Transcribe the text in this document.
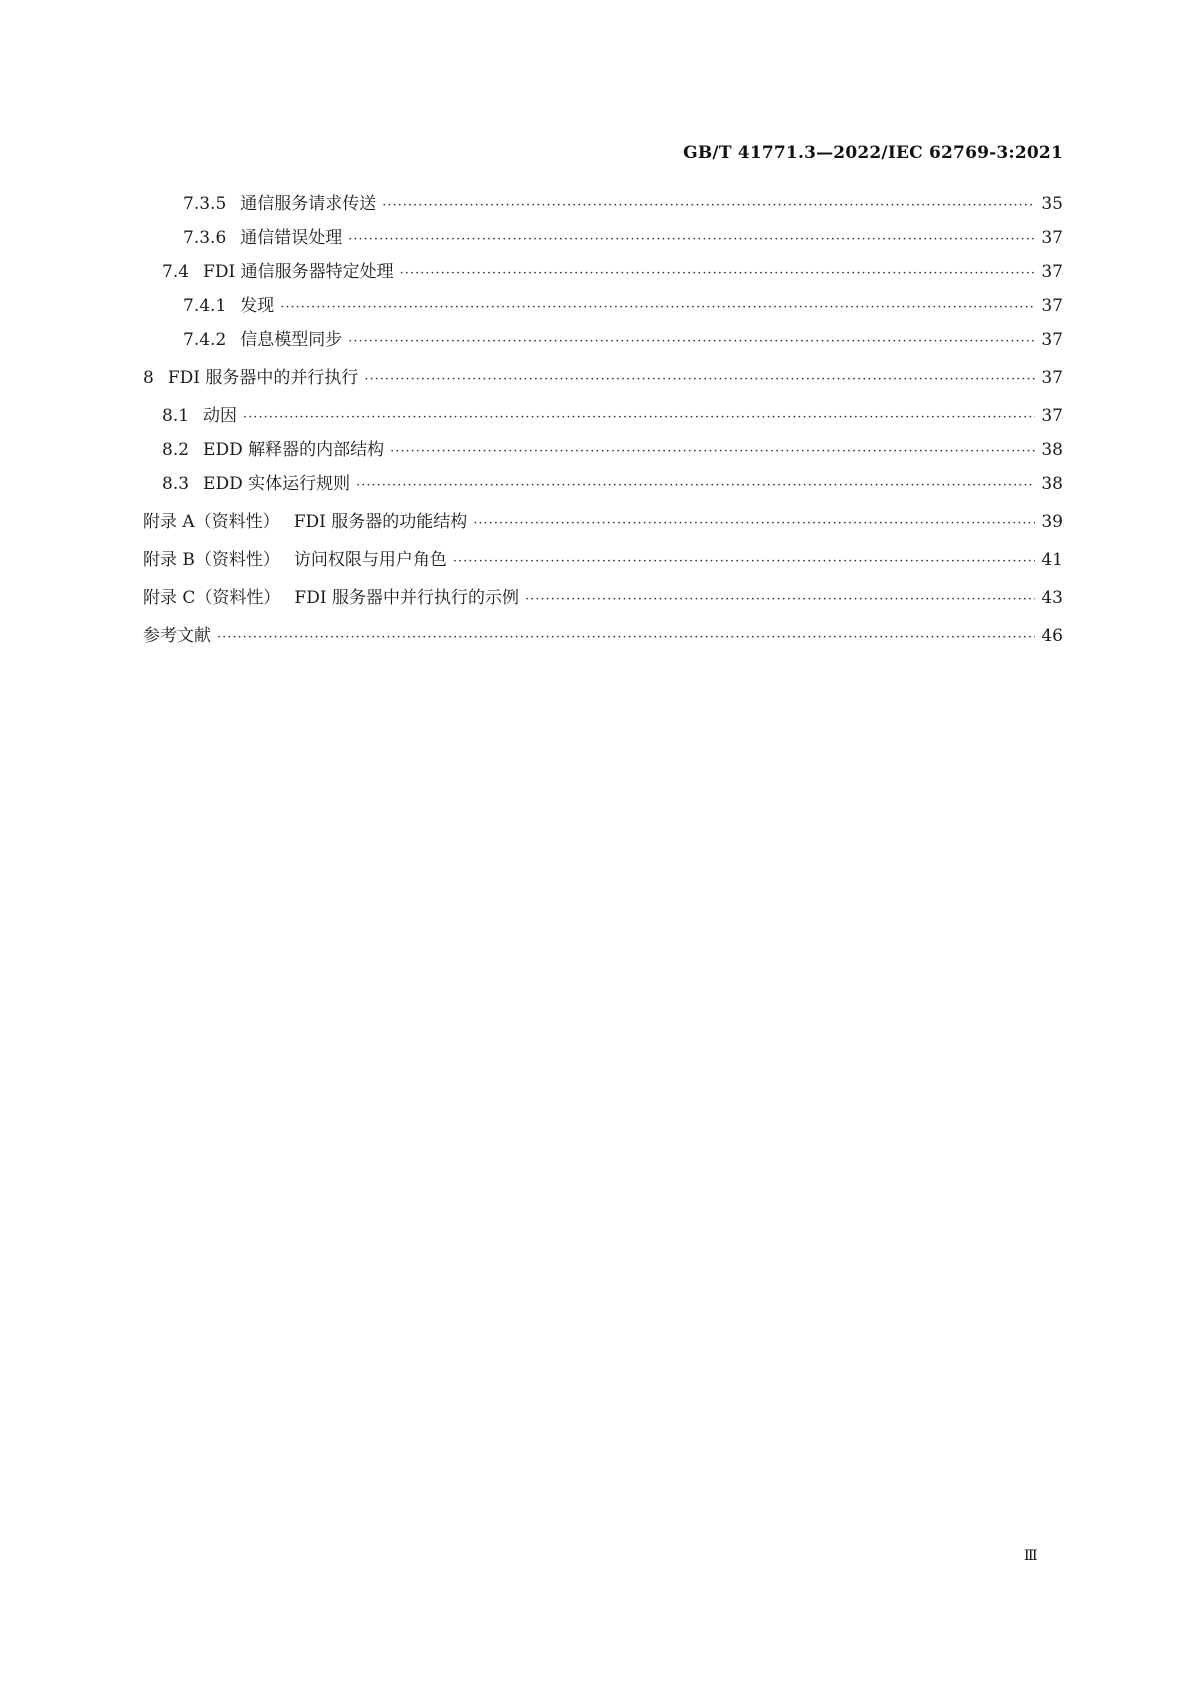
GB/T 41771.3—2022/IEC 62769-3:2021
7.3.5 通信服务请求传送 ·····	35
7.3.6 通信错误处理 ·····	37
7.4 FDI 通信服务器特定处理 ·····	37
7.4.1 发现 ·····	37
7.4.2 信息模型同步 ·····	37
8 FDI 服务器中的并行执行 ·····	37
8.1 动因 ·····	37
8.2 EDD 解释器的内部结构 ·····	38
8.3 EDD 实体运行规则 ·····	38
附录 A（资料性） FDI 服务器的功能结构 ·····	39
附录 B（资料性） 访问权限与用户角色 ·····	41
附录 C（资料性） FDI 服务器中并行执行的示例 ·····	43
参考文献 ·····	46
Ⅲ
